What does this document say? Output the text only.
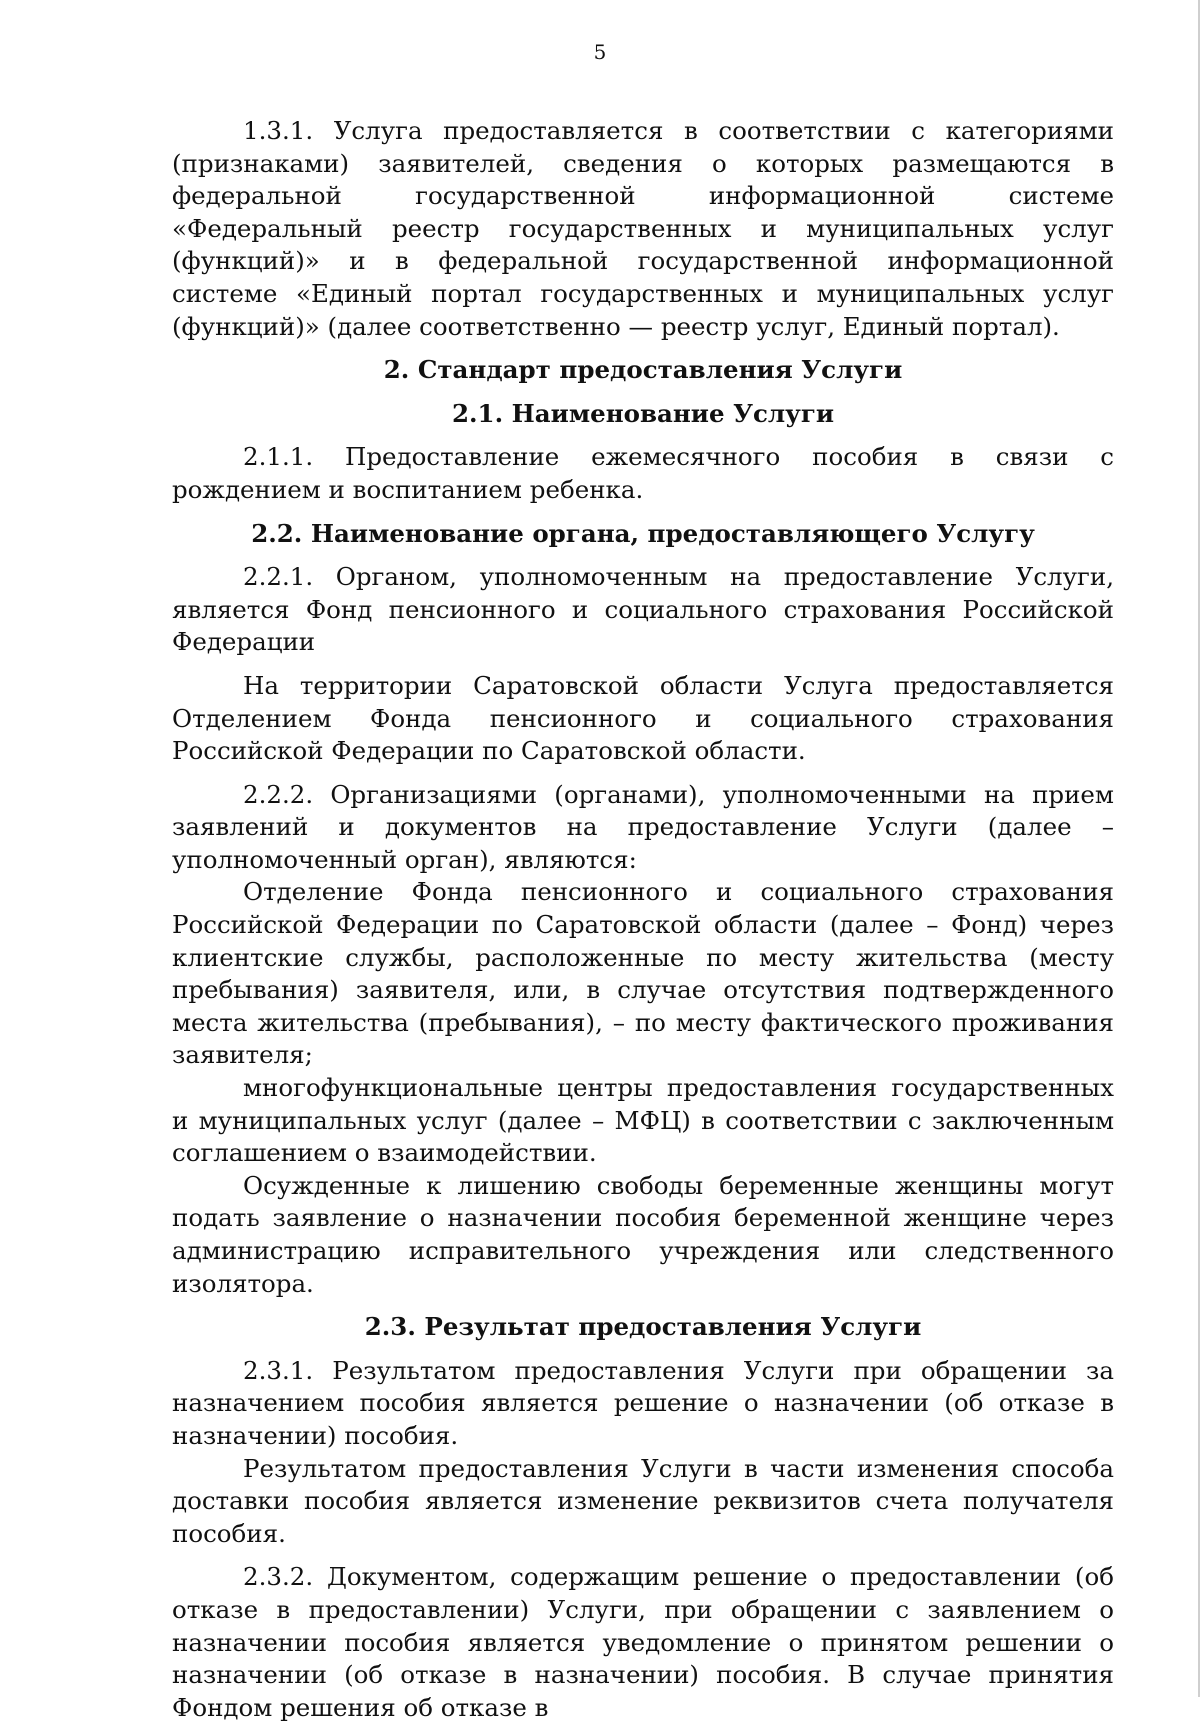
5

1.3.1. Услуга предоставляется в соответствии с категориями (признаками) заявителей, сведения о которых размещаются в федеральной государственной информационной системе «Федеральный реестр государственных и муниципальных услуг (функций)» и в федеральной государственной информационной системе «Единый портал государственных и муниципальных услуг (функций)» (далее соответственно — реестр услуг, Единый портал).

2. Стандарт предоставления Услуги
2.1. Наименование Услуги

2.1.1. Предоставление ежемесячного пособия в связи с рождением и воспитанием ребенка.

2.2. Наименование органа, предоставляющего Услугу

2.2.1. Органом, уполномоченным на предоставление Услуги, является Фонд пенсионного и социального страхования Российской Федерации

На территории Саратовской области Услуга предоставляется Отделением Фонда пенсионного и социального страхования Российской Федерации по Саратовской области.

2.2.2. Организациями (органами), уполномоченными на прием заявлений и документов на предоставление Услуги (далее – уполномоченный орган), являются:

Отделение Фонда пенсионного и социального страхования Российской Федерации по Саратовской области (далее – Фонд) через клиентские службы, расположенные по месту жительства (месту пребывания) заявителя, или, в случае отсутствия подтвержденного места жительства (пребывания), – по месту фактического проживания заявителя;

многофункциональные центры предоставления государственных и муниципальных услуг (далее – МФЦ) в соответствии с заключенным соглашением о взаимодействии.

Осужденные к лишению свободы беременные женщины могут подать заявление о назначении пособия беременной женщине через администрацию исправительного учреждения или следственного изолятора.

2.3. Результат предоставления Услуги

2.3.1. Результатом предоставления Услуги при обращении за назначением пособия является решение о назначении (об отказе в назначении) пособия.

Результатом предоставления Услуги в части изменения способа доставки пособия является изменение реквизитов счета получателя пособия.

2.3.2. Документом, содержащим решение о предоставлении (об отказе в предоставлении) Услуги, при обращении с заявлением о назначении пособия является уведомление о принятом решении о назначении (об отказе в назначении) пособия. В случае принятия Фондом решения об отказе в
